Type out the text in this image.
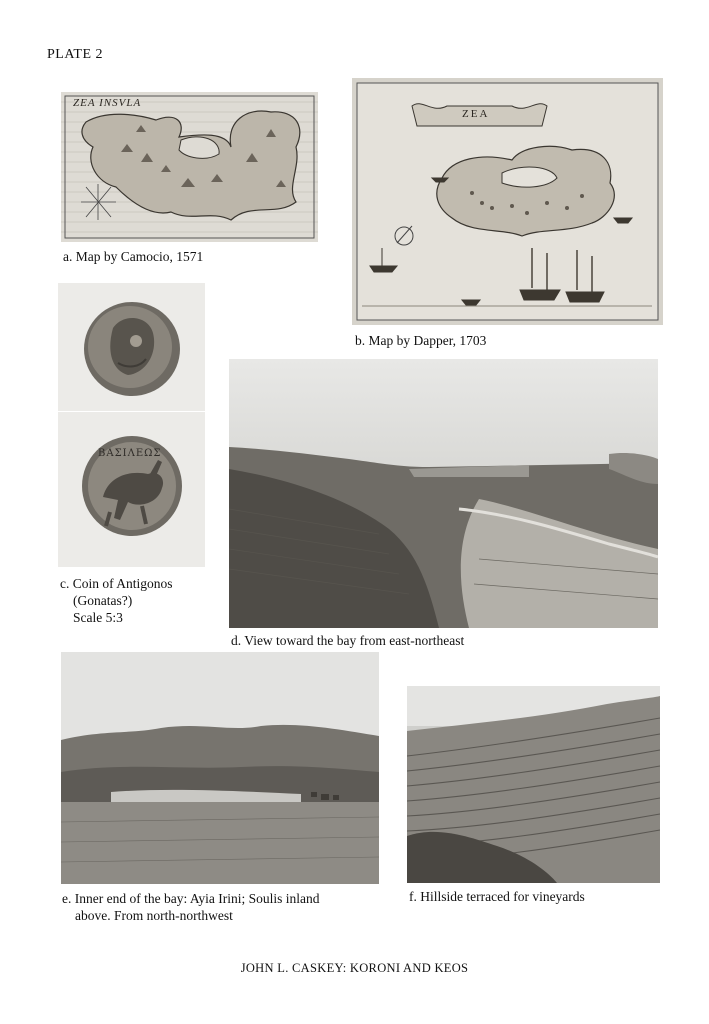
PLATE 2
ZEA INSVLA
a. Map by Camocio, 1571
ZEA
b. Map by Dapper, 1703
ΒΑΣΙΛΕΩΣ
c. Coin of Antigonos
(Gonatas?)
Scale 5:3
d. View toward the bay from east-northeast
e. Inner end of the bay: Ayia Irini; Soulis inland
above. From north-northwest
f. Hillside terraced for vineyards
JOHN L. CASKEY: KORONI AND KEOS
